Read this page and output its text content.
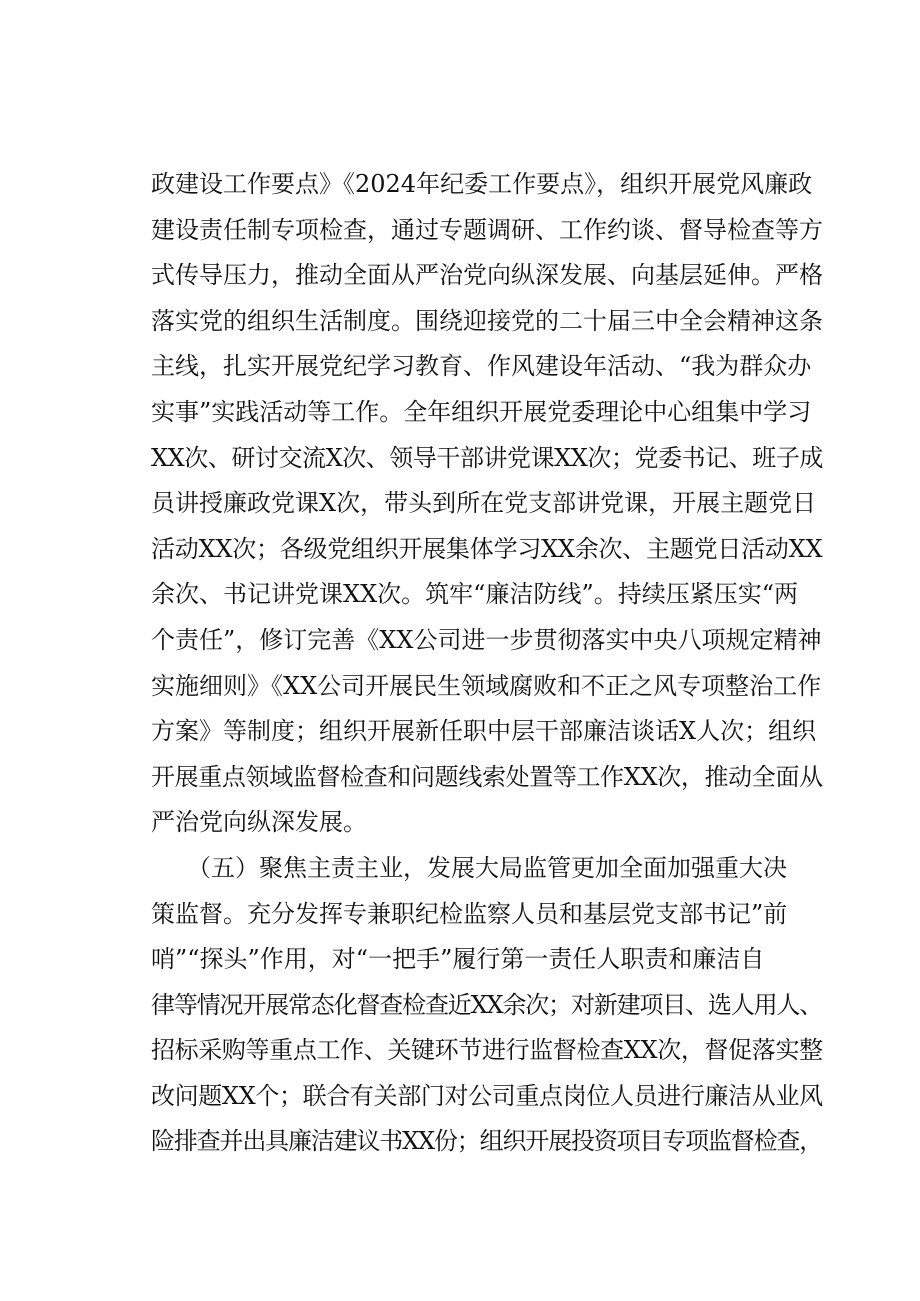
政建设工作要点》《2024年纪委工作要点》，组织开展党风廉政
建设责任制专项检查，通过专题调研、工作约谈、督导检查等方
式传导压力，推动全面从严治党向纵深发展、向基层延伸。严格
落实党的组织生活制度。围绕迎接党的二十届三中全会精神这条
主线，扎实开展党纪学习教育、作风建设年活动、“我为群众办
实事”实践活动等工作。全年组织开展党委理论中心组集中学习
XX次、研讨交流X次、领导干部讲党课XX次；党委书记、班子成
员讲授廉政党课X次，带头到所在党支部讲党课，开展主题党日
活动XX次；各级党组织开展集体学习XX余次、主题党日活动XX
余次、书记讲党课XX次。筑牢“廉洁防线”。持续压紧压实“两
个责任”，修订完善《XX公司进一步贯彻落实中央八项规定精神
实施细则》《XX公司开展民生领域腐败和不正之风专项整治工作
方案》等制度；组织开展新任职中层干部廉洁谈话X人次；组织
开展重点领域监督检查和问题线索处置等工作XX次，推动全面从
严治党向纵深发展。
　　（五）聚焦主责主业，发展大局监管更加全面加强重大决
策监督。充分发挥专兼职纪检监察人员和基层党支部书记”前
哨”“探头”作用，对“一把手”履行第一责任人职责和廉洁自
律等情况开展常态化督查检查近XX余次；对新建项目、选人用人、
招标采购等重点工作、关键环节进行监督检查XX次，督促落实整
改问题XX个；联合有关部门对公司重点岗位人员进行廉洁从业风
险排查并出具廉洁建议书XX份；组织开展投资项目专项监督检查，
